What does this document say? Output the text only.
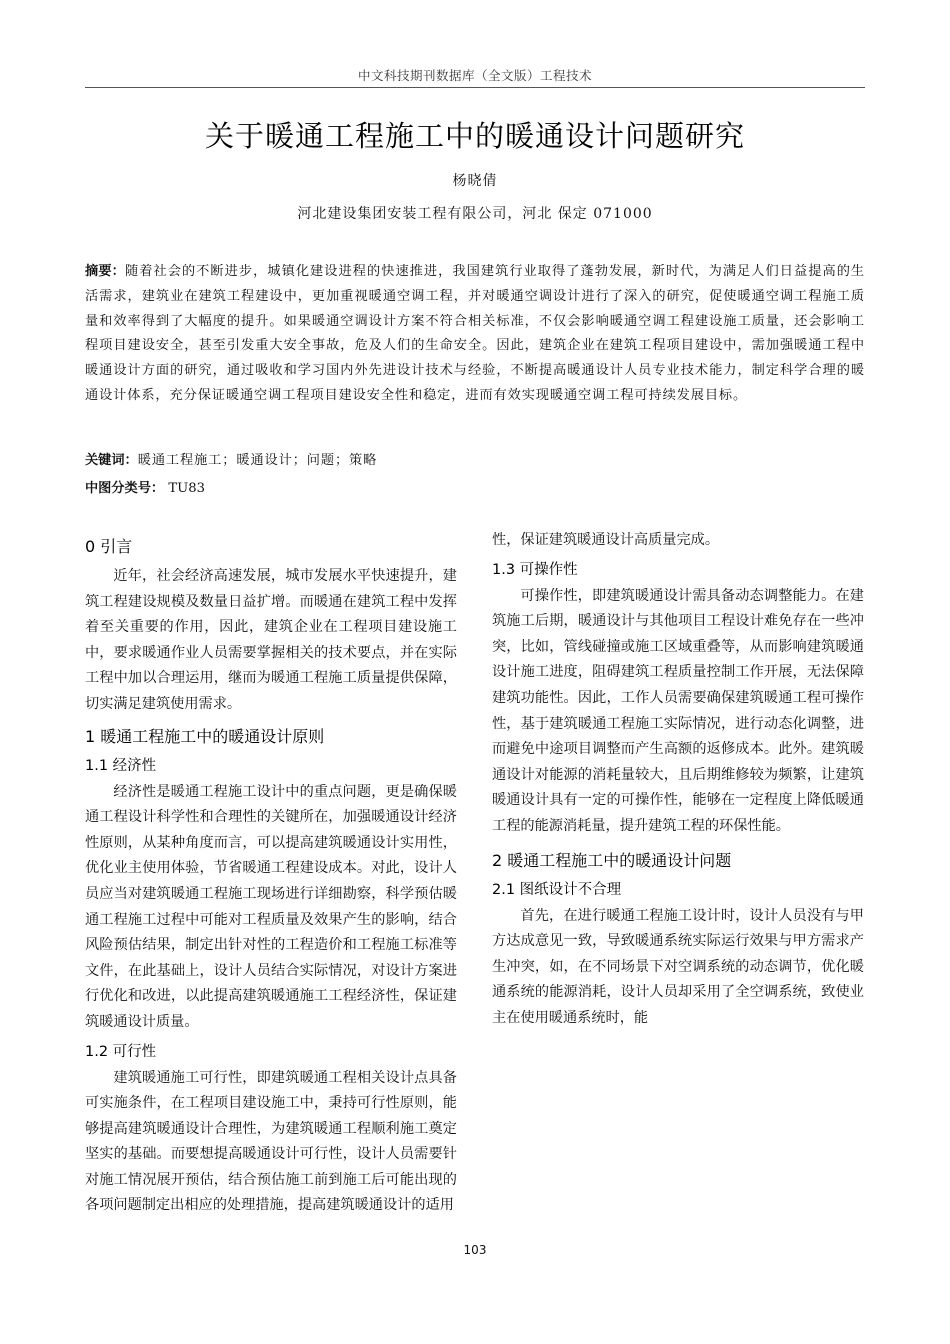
中文科技期刊数据库（全文版）工程技术
关于暖通工程施工中的暖通设计问题研究
杨晓倩
河北建设集团安装工程有限公司，河北 保定 071000

摘要：随着社会的不断进步，城镇化建设进程的快速推进，我国建筑行业取得了蓬勃发展，新时代，为满足人们日益提高的生活需求，建筑业在建筑工程建设中，更加重视暖通空调工程，并对暖通空调设计进行了深入的研究，促使暖通空调工程施工质量和效率得到了大幅度的提升。如果暖通空调设计方案不符合相关标准，不仅会影响暖通空调工程建设施工质量，还会影响工程项目建设安全，甚至引发重大安全事故，危及人们的生命安全。因此，建筑企业在建筑工程项目建设中，需加强暖通工程中暖通设计方面的研究，通过吸收和学习国内外先进设计技术与经验，不断提高暖通设计人员专业技术能力，制定科学合理的暖通设计体系，充分保证暖通空调工程项目建设安全性和稳定，进而有效实现暖通空调工程可持续发展目标。

关键词：暖通工程施工；暖通设计；问题；策略

中图分类号： TU83

0 引言

近年，社会经济高速发展，城市发展水平快速提升，建筑工程建设规模及数量日益扩增。而暖通在建筑工程中发挥着至关重要的作用，因此，建筑企业在工程项目建设施工中，要求暖通作业人员需要掌握相关的技术要点，并在实际工程中加以合理运用，继而为暖通工程施工质量提供保障，切实满足建筑使用需求。

1 暖通工程施工中的暖通设计原则
1.1 经济性

经济性是暖通工程施工设计中的重点问题，更是确保暖通工程设计科学性和合理性的关键所在，加强暖通设计经济性原则，从某种角度而言，可以提高建筑暖通设计实用性，优化业主使用体验，节省暖通工程建设成本。对此，设计人员应当对建筑暖通工程施工现场进行详细勘察，科学预估暖通工程施工过程中可能对工程质量及效果产生的影响，结合风险预估结果，制定出针对性的工程造价和工程施工标准等文件，在此基础上，设计人员结合实际情况，对设计方案进行优化和改进，以此提高建筑暖通施工工程经济性，保证建筑暖通设计质量。

1.2 可行性

建筑暖通施工可行性，即建筑暖通工程相关设计点具备可实施条件，在工程项目建设施工中，秉持可行性原则，能够提高建筑暖通设计合理性，为建筑暖通工程顺利施工奠定坚实的基础。而要想提高暖通设计可行性，设计人员需要针对施工情况展开预估，结合预估施工前到施工后可能出现的各项问题制定出相应的处理措施，提高建筑暖通设计的适用

性，保证建筑暖通设计高质量完成。

1.3 可操作性

可操作性，即建筑暖通设计需具备动态调整能力。在建筑施工后期，暖通设计与其他项目工程设计难免存在一些冲突，比如，管线碰撞或施工区域重叠等，从而影响建筑暖通设计施工进度，阻碍建筑工程质量控制工作开展，无法保障建筑功能性。因此，工作人员需要确保建筑暖通工程可操作性，基于建筑暖通工程施工实际情况，进行动态化调整，进而避免中途项目调整而产生高额的返修成本。此外。建筑暖通设计对能源的消耗量较大，且后期维修较为频繁，让建筑暖通设计具有一定的可操作性，能够在一定程度上降低暖通工程的能源消耗量，提升建筑工程的环保性能。

2 暖通工程施工中的暖通设计问题
2.1 图纸设计不合理

首先，在进行暖通工程施工设计时，设计人员没有与甲方达成意见一致，导致暖通系统实际运行效果与甲方需求产生冲突，如，在不同场景下对空调系统的动态调节，优化暖通系统的能源消耗，设计人员却采用了全空调系统，致使业主在使用暖通系统时，能

103
